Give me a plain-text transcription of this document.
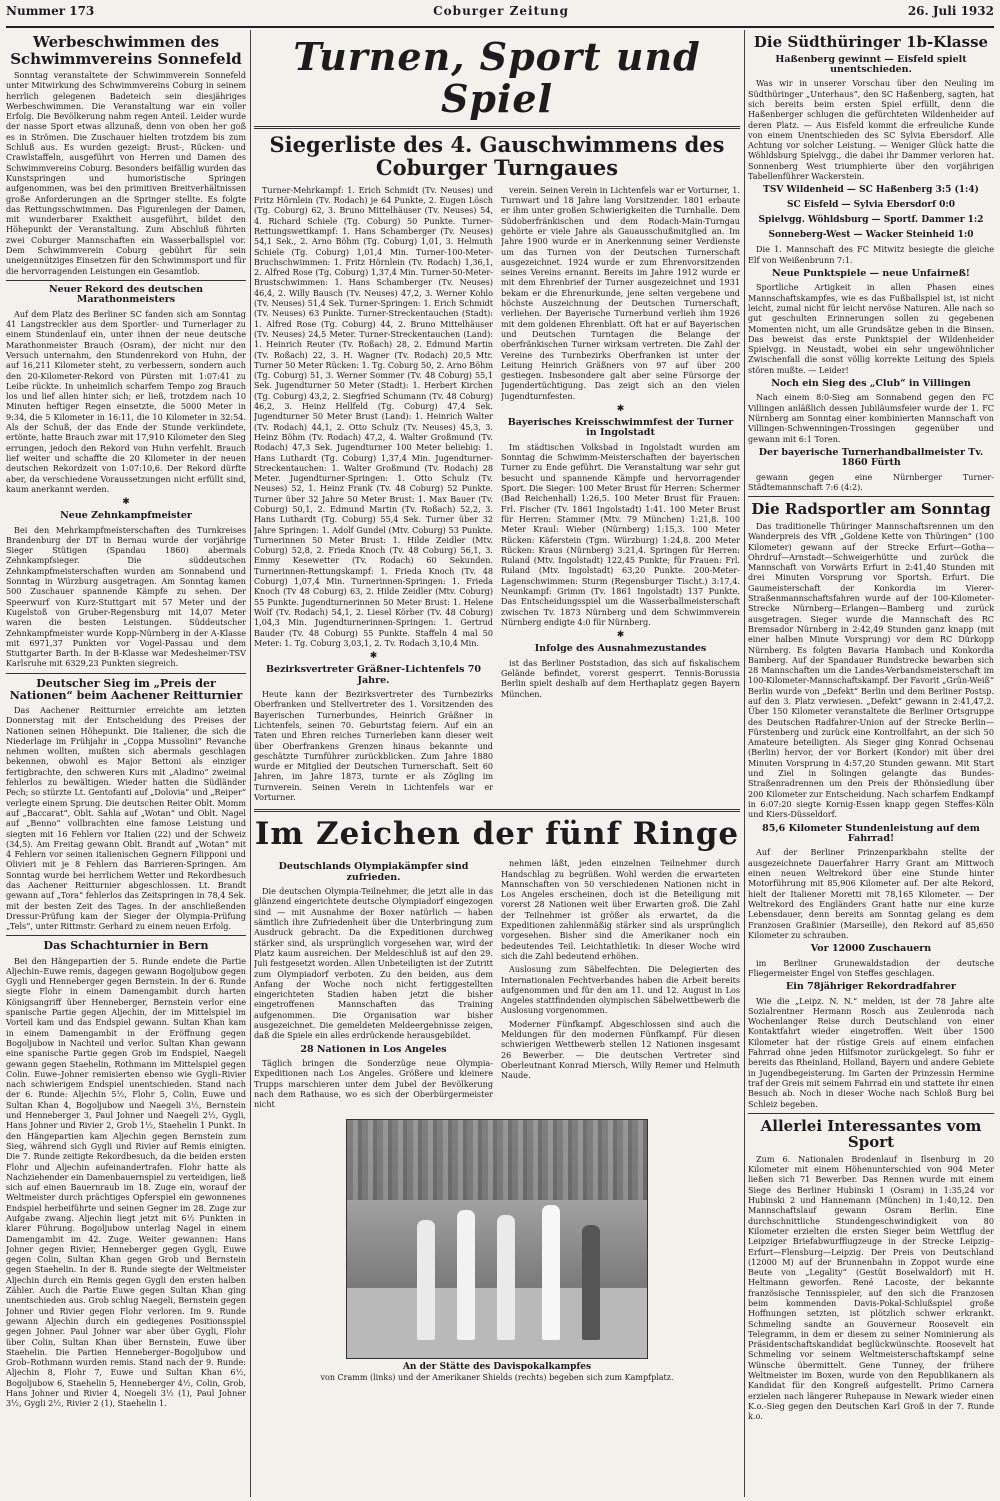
Nummer 173	Coburger Zeitung	26. Juli 1932
Werbeschwimmen des Schwimmvereins Sonnefeld

Sonntag veranstaltete der Schwimmverein Sonnefeld unter Mitwirkung des Schwimmvereins Coburg in seinem herrlich gelegenen Badeteich sein diesjähriges Werbeschwimmen. Die Veranstaltung war ein voller Erfolg. Die Bevölkerung nahm regen Anteil. Leider wurde der nasse Sport etwas allzunaß, denn von oben her goß es in Strömen. Die Zuschauer hielten trotzdem bis zum Schluß aus. Es wurden gezeigt: Brust-, Rücken- und Crawlstaffeln, ausgeführt von Herren und Damen des Schwimmvereins Coburg. Besonders beifällig wurden das Kunstspringen und humoristische Springen aufgenommen, was bei den primitiven Breitverhältnissen große Anforderungen an die Springer stellte. Es folgte das Rettungsschwimmen. Das Figurenlegen der Damen, mit wunderbarer Exaktheit ausgeführt, bildet den Höhepunkt der Veranstaltung. Zum Abschluß führten zwei Coburger Mannschaften ein Wasserballspiel vor. Dem Schwimmverein Coburg gebührt für sein uneigennütziges Einsetzen für den Schwimmsport und für die hervorragenden Leistungen ein Gesamtlob.

Neuer Rekord des deutschen Marathonmeisters

Auf dem Platz des Berliner SC fanden sich am Sonntag 41 Langstreckler aus dem Sportler- und Turnerlager zu einem Stundenlauf ein, unter ihnen der neue deutsche Marathonmeister Brauch (Osram), der nicht nur den Versuch unternahm, den Stundenrekord von Huhn, der auf 16,211 Kilometer steht, zu verbessern, sondern auch den 20-Kilometer-Rekord von Pürsten mit 1:07:41 zu Leibe rückte. In unheimlich scharfem Tempo zog Brauch los und lief allen hinter sich; er ließ, trotzdem nach 10 Minuten heftiger Regen einsetzte, die 5000 Meter in 9:34, die 5 Kilometer in 16:11, die 10 Kilometer in 32:54. Als der Schuß, der das Ende der Stunde verkündete, ertönte, hatte Brauch zwar mit 17,910 Kilometer den Sieg errungen, jedoch den Rekord von Huhn verfehlt. Brauch lief weiter und schaffte die 20 Kilometer in der neuen deutschen Rekordzeit von 1:07:10,6. Der Rekord dürfte aber, da verschiedene Voraussetzungen nicht erfüllt sind, kaum anerkannt werden.

✱
Neue Zehnkampfmeister

Bei den Mehrkampfmeisterschaften des Turnkreises Brandenburg der DT in Bernau wurde der vorjährige Sieger Stütigen (Spandau 1860) abermals Zehnkampfsieger. Die süddeutschen Zehnkampfmeisterschaften wurden am Sonnabend und Sonntag in Würzburg ausgetragen. Am Sonntag kamen 500 Zuschauer spannende Kämpfe zu sehen. Der Speerwurf von Kurz-Stuttgart mit 57 Meter und der Kugelstoß von Gruber-Regensburg mit 14,07 Meter waren die besten Leistungen. Süddeutscher Zehnkampfmeister wurde Kopp-Nürnberg in der A-Klasse mit 6971,37 Punkten vor Vogel-Passau und dem Stuttgarter Barth. In der B-Klasse war Medesheimer-TSV Karlsruhe mit 6329,23 Punkten siegreich.

Deutscher Sieg im „Preis der Nationen“ beim Aachener Reitturnier

Das Aachener Reitturnier erreichte am letzten Donnerstag mit der Entscheidung des Preises der Nationen seinen Höhepunkt. Die Italiener, die sich die Niederlage im Frühjahr in „Coppa Mussolini“ Revanche nehmen wollten, mußten sich abermals geschlagen bekennen, obwohl es Major Bettoni als einziger fertigbrachte, den schweren Kurs mit „Aladino“ zweimal fehlerlos zu bewältigen. Wieder hatten die Südländer Pech; so stürzte Lt. Gentofanti auf „Dolovia“ und „Reiper“ verlegte einem Sprung. Die deutschen Reiter Oblt. Momm auf „Baccarat“, Oblt. Sahla auf „Wotan“ und Oblt. Nagel auf „Benno“ vollbrachten eine famose Leistung und siegten mit 16 Fehlern vor Italien (22) und der Schweiz (34,5). Am Freitag gewann Oblt. Brandt auf „Wotan“ mit 4 Fehlern vor seinen italienischen Gegnern Filipponi und Olivieri mit je 8 Fehlern das Barrieren-Springen. Am Sonntag wurde bei herrlichem Wetter und Rekordbesuch das Aachener Reitturnier abgeschlossen. Lt. Brandt gewann auf „Tora“ fehlerlos das Zeitspringen in 78,4 Sek. mit der besten Zeit des Tages. In der anschließenden Dressur-Prüfung kam der Sieger der Olympia-Prüfung „Tels“, unter Rittmstr. Gerhard zu einem neuen Erfolg.

Das Schachturnier in Bern

Bei den Hängepartien der 5. Runde endete die Partie Aljechin–Euwe remis, dagegen gewann Bogoljubow gegen Gygli und Henneberger gegen Bernstein. In der 6. Runde siegte Flohr in einem Damengambit durch harten Königsangriff über Henneberger, Bernstein verlor eine spanische Partie gegen Aljechin, der im Mittelspiel im Vorteil kam und das Endspiel gewann. Sultan Khan kam in einem Damengambit in der Eröffnung gegen Bogoljubow in Nachteil und verlor. Sultan Khan gewann eine spanische Partie gegen Grob im Endspiel, Naegeli gewann gegen Staehelin, Rothmann im Mittelspiel gegen Colin. Euwe–Johner remisierten ebenso wie Gygli–Rivier nach schwierigem Endspiel unentschieden. Stand nach der 6. Runde: Aljechin 5½, Flohr 5, Colin, Euwe und Sultan Khan 4, Bogoljubow und Naegeli 3½, Bernstein und Henneberger 3, Paul Johner und Naegeli 2½, Gygli, Hans Johner und Rivier 2, Grob 1½, Staehelin 1 Punkt. In den Hängepartien kam Aljechin gegen Bernstein zum Sieg, während sich Gygli und Rivier auf Remis einigten. Die 7. Runde zeitigte Rekordbesuch, da die beiden ersten Flohr und Aljechin aufeinandertrafen. Flohr hatte als Nachziehender ein Damenbauernspiel zu verteidigen, ließ sich auf einen Bauernraub im 18. Zuge ein, worauf der Weltmeister durch prächtiges Opferspiel ein gewonnenes Endspiel herbeiführte und seinen Gegner im 28. Zuge zur Aufgabe zwang. Aljechin liegt jetzt mit 6½ Punkten in klarer Führung. Bogoljubow unterlag Nagel in einem Damengambit im 42. Zuge. Weiter gewannen: Hans Johner gegen Rivier, Henneberger gegen Gygli, Euwe gegen Colin, Sultan Khan gegen Grob und Bernstein gegen Staehelin. In der 8. Runde siegte der Weltmeister Aljechin durch ein Remis gegen Gygli den ersten halben Zähler. Auch die Partie Euwe gegen Sultan Khan ging unentschieden aus. Grob schlug Naegeli, Bernstein gegen Johner und Rivier gegen Flohr verloren. Im 9. Runde gewann Aljechin durch ein gediegenes Positionsspiel gegen Johner. Paul Johner war aber über Gygli, Flohr über Colin, Sultan Khan über Bernstein, Euwe über Staehelin. Die Partien Henneberger–Bogoljubow und Grob–Rothmann wurden remis. Stand nach der 9. Runde: Aljechin 8, Flohr 7, Euwe und Sultan Khan 6½, Bogoljubow 6, Staehelin 5, Henneberger 4½, Colin, Grob, Hans Johner und Rivier 4, Noegeli 3½ (1), Paul Johner 3½, Gygli 2½, Rivier 2 (1), Staehelin 1.

Turnen, Sport und Spiel
Siegerliste des 4. Gauschwimmens des Coburger Turngaues

Turner-Mehrkampf: 1. Erich Schmidt (Tv. Neuses) und Fritz Hörnlein (Tv. Rodach) je 64 Punkte, 2. Eugen Lösch (Tg. Coburg) 62, 3. Bruno Mittelhäuser (Tv. Neuses) 54, 4. Richard Schiele (Tg. Coburg) 50 Punkte. Turner-Rettungswettkampf: 1. Hans Schamberger (Tv. Neuses) 54,1 Sek., 2. Arno Böhm (Tg. Coburg) 1,01, 3. Helmuth Schiele (Tg. Coburg) 1,01,4 Min. Turner-100-Meter-Bruchschwimmen: 1. Fritz Hörnlein (Tv. Rodach) 1,36,1, 2. Alfred Rose (Tg. Coburg) 1,37,4 Min. Turner-50-Meter-Brustschwimmen: 1. Hans Schamberger (Tv. Neuses) 46,4, 2. Willy Bausch (Tv. Neuses) 47,2, 3. Werner Kohlo (Tv. Neuses) 51,4 Sek. Turner-Springen: 1. Erich Schmidt (Tv. Neuses) 63 Punkte. Turner-Streckentauchen (Stadt): 1. Alfred Rose (Tg. Coburg) 44, 2. Bruno Mittelhäuser (Tv. Neuses) 24,5 Meter. Turner-Streckentauchen (Land): 1. Heinrich Reuter (Tv. Roßach) 28, 2. Edmund Martin (Tv. Roßach) 22, 3. H. Wagner (Tv. Rodach) 20,5 Mtr. Turner 50 Meter Rücken: 1. Tg. Coburg 50, 2. Arno Böhm (Tg. Coburg) 51, 3. Werner Sommer (Tv. 48 Coburg) 55,1 Sek. Jugendturner 50 Meter (Stadt): 1. Herbert Kirchen (Tg. Coburg) 43,2, 2. Siegfried Schumann (Tv. 48 Coburg) 46,2, 3. Heinz Hellfeld (Tg. Coburg) 47,4 Sek. Jugendturner 50 Meter Brust (Land): 1. Heinrich Walter (Tv. Rodach) 44,1, 2. Otto Schulz (Tv. Neuses) 45,3, 3. Heinz Böhm (Tv. Rodach) 47,2, 4. Walter Großmund (Tv. Rodach) 47,3 Sek. Jugendturner 100 Meter beliebig: 1. Hans Luthardt (Tg. Coburg) 1,37,4 Min. Jugendturner-Streckentauchen: 1. Walter Großmund (Tv. Rodach) 28 Meter. Jugendturner-Springen: 1. Otto Schulz (Tv. Neuses) 52, 1. Heinz Frank (Tv. 48 Coburg) 52 Punkte. Turner über 32 Jahre 50 Meter Brust: 1. Max Bauer (Tv. Coburg) 50,1, 2. Edmund Martin (Tv. Roßach) 52,2, 3. Hans Luthardt (Tg. Coburg) 55,4 Sek. Turner über 32 Jahre Springen: 1. Adolf Gundel (Mtv. Coburg) 53 Punkte. Turnerinnen 50 Meter Brust: 1. Hilde Zeidler (Mtv. Coburg) 52,8, 2. Frieda Knoch (Tv. 48 Coburg) 56,1, 3. Emmy Kesewetter (Tv. Rodach) 60 Sekunden. Turnerinnen-Rettungskampf: 1. Frieda Knoch (Tv. 48 Coburg) 1,07,4 Min. Turnerinnen-Springen: 1. Frieda Knoch (Tv 48 Coburg) 63, 2. Hilde Zeidler (Mtv. Coburg) 55 Punkte. Jugendturnerinnen 50 Meter Brust: 1. Helene Wolf (Tv. Rodach) 54,1, 2. Liesel Körber (Tv. 48 Coburg) 1,04,3 Min. Jugendturnerinnen-Springen: 1. Gertrud Bauder (Tv. 48 Coburg) 55 Punkte. Staffeln 4 mal 50 Meter: 1. Tg. Coburg 3,03,1, 2. Tv. Rodach 3,10,4 Min.

✱
Bezirksvertreter Gräßner-Lichtenfels 70 Jahre.

Heute kann der Bezirksvertreter des Turnbezirks Oberfranken und Stellvertreter des 1. Vorsitzenden des Bayerischen Turnerbundes, Heinrich Gräßner in Lichtenfels, seinen 70. Geburtstag feiern. Auf ein an Taten und Ehren reiches Turnerleben kann dieser weit über Oberfrankens Grenzen hinaus bekannte und geschätzte Turnführer zurückblicken. Zum Jahre 1880 wurde er Mitglied der Deutschen Turnerschaft. Seit 60 Jahren, im Jahre 1873, turnte er als Zögling im Turnverein. Seinen Verein in Lichtenfels war er Vorturner.

verein. Seinen Verein in Lichtenfels war er Vorturner, 1. Turnwart und 18 Jahre lang Vorsitzender. 1801 erbaute er ihm unter großen Schwierigkeiten die Turnhalle. Dem Südoberfränkischen und dem Rodach-Main-Turngau gehörte er viele Jahre als Gauausschußmitglied an. Im Jahre 1900 wurde er in Anerkennung seiner Verdienste um das Turnen von der Deutschen Turnerschaft ausgezeichnet. 1924 wurde er zum Ehrenvorsitzenden seines Vereins ernannt. Bereits im Jahre 1912 wurde er mit dem Ehrenbrief der Turner ausgezeichnet und 1931 bekam er die Ehrenurkunde, jene selten vergebene und höchste Auszeichnung der Deutschen Turnerschaft, verliehen. Der Bayerische Turnerbund verlieh ihm 1926 mit dem goldenen Ehrenblatt. Oft hat er auf Bayerischen und Deutschen Turntagen die Belange der oberfränkischen Turner wirksam vertreten. Die Zahl der Vereine des Turnbezirks Oberfranken ist unter der Leitung Heinrich Gräßners von 97 auf über 200 gestiegen. Insbesondere galt aber seine Fürsorge der Jugendertüchtigung. Das zeigt sich an den vielen Jugendturnfesten.

✱
Bayerisches Kreisschwimmfest der Turner in Ingolstadt

Im städtischen Volksbad in Ingolstadt wurden am Sonntag die Schwimm-Meisterschaften der bayerischen Turner zu Ende geführt. Die Veranstaltung war sehr gut besucht und spannende Kämpfe und hervorragender Sport. Die Sieger: 100 Meter Brust für Herren: Schermer (Bad Reichenhall) 1:26,5. 100 Meter Brust für Frauen: Frl. Fischer (Tv. 1861 Ingolstadt) 1:41. 100 Meter Brust für Herren: Stammer (Mtv. 79 München) 1:21,8. 100 Meter Kraul: Wieber (Nürnberg) 1:15,3. 100 Meter Rücken: Käferstein (Tgm. Würzburg) 1:24,8. 200 Meter Rücken: Kraus (Nürnberg) 3:21,4. Springen für Herren: Ruland (Mtv. Ingolstadt) 122,45 Punkte; für Frauen: Frl. Ruland (Mtv. Ingolstadt) 63,20 Punkte. 200-Meter-Lagenschwimmen: Sturm (Regensburger Tischt.) 3:17,4. Neunkampf: Grimm (Tv. 1861 Ingolstadt) 137 Punkte. Das Entscheidungsspiel um die Wasserballmeisterschaft zwischen Tv. 1873 Nürnberg und dem Schwimmverein Nürnberg endigte 4:0 für Nürnberg.

✱
Infolge des Ausnahmezustandes

ist das Berliner Poststadion, das sich auf fiskalischem Gelände befindet, vorerst gesperrt. Tennis-Borussia Berlin spielt deshalb auf dem Herthaplatz gegen Bayern München.

Im Zeichen der fünf Ringe
Deutschlands Olympiakämpfer sind zufrieden.

Die deutschen Olympia-Teilnehmer, die jetzt alle in das glänzend eingerichtete deutsche Olympiadorf eingezogen sind — mit Ausnahme der Boxer natürlich — haben sämtlich ihre Zufriedenheit über die Unterbringung zum Ausdruck gebracht. Da die Expeditionen durchweg stärker sind, als ursprünglich vorgesehen war, wird der Platz kaum ausreichen. Der Meldeschluß ist auf den 29. Juli festgesetzt worden. Allen Unbeteiligten ist der Zutritt zum Olympiadorf verboten. Zu den beiden, aus dem Anfang der Woche noch nicht fertiggestellten eingerichteten Stadien haben jetzt die bisher eingetroffenen Mannschaften das Training aufgenommen. Die Organisation war bisher ausgezeichnet. Die gemeldeten Meldeergebnisse zeigen, daß die Spiele ein alles erdrückende herausgebildet.

28 Nationen in Los Angeles

Täglich bringen die Sonderzüge neue Olympia-Expeditionen nach Los Angeles. Größere und kleinere Trupps marschieren unter dem Jubel der Bevölkerung nach dem Rathause, wo es sich der Oberbürgermeister nicht

nehmen läßt, jeden einzelnen Teilnehmer durch Handschlag zu begrüßen. Wohl werden die erwarteten Mannschaften von 50 verschiedenen Nationen nicht in Los Angeles erscheinen, doch ist die Beteiligung mit vorerst 28 Nationen weit über Erwarten groß. Die Zahl der Teilnehmer ist größer als erwartet, da die Expeditionen zahlenmäßig stärker sind als ursprünglich vorgesehen. Bisher sind die Amerikaner noch ein bedeutendes Teil. Leichtathletik: In dieser Woche wird sich die Zahl bedeutend erhöhen.

Auslosung zum Säbelfechten. Die Delegierten des Internationalen Fechtverbandes haben die Arbeit bereits aufgenommen und für den am 11. und 12. August in Los Angeles stattfindenden olympischen Säbelwettbewerb die Auslosung vorgenommen.

Moderner Fünfkampf. Abgeschlossen sind auch die Meldungen für den modernen Fünfkampf. Für diesen schwierigen Wettbewerb stellen 12 Nationen insgesamt 26 Bewerber. — Die deutschen Vertreter sind Oberleutnant Konrad Miersch, Willy Remer und Helmuth Naude.

An der Stätte des Davispokalkampfes

von Cramm (links) und der Amerikaner Shields (rechts) begeben sich zum Kampfplatz.

Die Südthüringer 1b-Klasse
Haßenberg gewinnt — Eisfeld spielt unentschieden.

Was wir in unserer Vorschau über den Neuling im Südthüringer „Unterhaus“, den SC Haßenberg, sagten, hat sich bereits beim ersten Spiel erfüllt, denn die Haßenberger schlugen die gefürchteten Wildenheider auf deren Platz. — Aus Eisfeld kommt die erfreuliche Kunde von einem Unentschieden des SC Sylvia Ebersdorf. Alle Achtung vor solcher Leistung. — Weniger Glück hatte die Wöhldsburg Spielvgg., die dabei ihr Dammer verloren hat. Sonnenberg West triumphierte über den vorjährigen Tabellenführer Wackerstein.

TSV Wildenheid — SC Haßenberg 3:5 (1:4)
SC Eisfeld — Sylvia Ebersdorf 0:0
Spielvgg. Wöhldsburg — Sportf. Dammer 1:2
Sonneberg-West — Wacker Steinheid 1:0

Die 1. Mannschaft des FC Mitwitz besiegte die gleiche Elf von Weißenbrunn 7:1.

Neue Punktspiele — neue Unfairneß!

Sportliche Artigkeit in allen Phasen eines Mannschaftskampfes, wie es das Fußballspiel ist, ist nicht leicht, zumal nicht für leicht nervöse Naturen. Alle nach so gut geschulten Erinnerungen sollen zu gegebenen Momenten nicht, um alle Grundsätze geben in die Binsen. Das beweist das erste Punktspiel der Wildenheider Spielvgg. in Neustadt, wobei ein sehr ungewöhnlicher Zwischenfall die sonst völlig korrekte Leitung des Spiels stören mußte. — Leider!

Noch ein Sieg des „Club“ in Villingen

Nach einem 8:0-Sieg am Sonnabend gegen den FC Villingen anläßlich dessen Jubiläumsfeier wurde der 1. FC Nürnberg am Sonntag einer kombinierten Mannschaft von Villingen-Schwenningen-Trossingen gegenüber und gewann mit 6:1 Toren.

Der bayerische Turnerhandballmeister Tv. 1860 Fürth

gewann gegen eine Nürnberger Turner-Städtemannschaft 7:6 (4:2).

Die Radsportler am Sonntag

Das traditionelle Thüringer Mannschaftsrennen um den Wanderpreis des VfR „Goldene Kette von Thüringen“ (100 Kilometer) gewann auf der Strecke Erfurt—Gotha—Ohrdruf—Arnstadt—Schweigerhütte und zurück die Mannschaft von Vorwärts Erfurt in 2:41,40 Stunden mit drei Minuten Vorsprung vor Sportsh. Erfurt. Die Gaumeisterschaft der Konkordia im Vierer-Straßenmannschaftsfahren wurde auf der 100-Kilometer-Strecke Nürnberg—Erlangen—Bamberg und zurück ausgetragen. Sieger wurde die Mannschaft des RC Bremsador Nürnberg in 2:42,49 Stunden ganz knapp (mit einer halben Minute Vorsprung) vor dem RC Dürkopp Nürnberg. Es folgten Bavaria Hambach und Konkordia Bamberg. Auf der Spandauer Rundstrecke bewarben sich 28 Mannschaften um die Landes-Verbandsmeisterschaft im 100-Kilometer-Mannschaftskampf. Der Favorit „Grün-Weiß“ Berlin wurde von „Defekt“ Berlin und dem Berliner Postsp. auf den 3. Platz verwiesen. „Defekt“ gewann in 2:41,47,2. Über 150 Kilometer veranstaltete die Berliner Ortsgruppe des Deutschen Radfahrer-Union auf der Strecke Berlin—Fürstenberg und zurück eine Kontrollfahrt, an der sich 50 Amateure beteiligten. Als Sieger ging Konrad Ochsenau (Berlin) hervor, der vor Borkert (Kondor) mit über drei Minuten Vorsprung in 4:57,20 Stunden gewann. Mit Start und Ziel in Solingen gelangte das Bundes-Straßenradrennen um den Preis der Rhönsiedlung über 200 Kilometer zur Entscheidung. Nach scharfem Endkampf in 6:07:20 siegte Kornig-Essen knapp gegen Steffes-Köln und Kiers-Düsseldorf.

85,6 Kilometer Stundenleistung auf dem Fahrrad!

Auf der Berliner Prinzenparkbahn stellte der ausgezeichnete Dauerfahrer Harry Grant am Mittwoch einen neuen Weltrekord über eine Stunde hinter Motorführung mit 85,906 Kilometer auf. Der alte Rekord, hielt der Italiener Moretti mit 78,165 Kilometer. — Der Weltrekord des Engländers Grant hatte nur eine kurze Lebensdauer, denn bereits am Sonntag gelang es dem Franzosen Graßinier (Marseille), den Rekord auf 85,650 Kilometer zu schrauben.

Vor 12000 Zuschauern

im Berliner Grunewaldstadion der deutsche Fliegermeister Engel von Steffes geschlagen.

Ein 78jähriger Rekordradfahrer

Wie die „Leipz. N. N.“ melden, ist der 78 Jahre alte Sozialrentner Hermann Rosch aus Zeulenroda nach Wochenlanger Reise durch Deutschland von einer Kontaktfahrt wieder eingetroffen. Weit über 1500 Kilometer hat der rüstige Greis auf einem einfachen Fahrrad ohne jeden Hilfsmotor zurückgelegt. So fuhr er bereits das Rheinland, Holland, Bayern und andere Gebiete in Jugendbegeisterung. Im Garten der Prinzessin Hermine traf der Greis mit seinem Fahrrad ein und stattete ihr einen Besuch ab. Noch in dieser Woche nach Schloß Burg bei Schleiz begeben.

Allerlei Interessantes vom Sport

Zum 6. Nationalen Brodenlauf in Ilsenburg in 20 Kilometer mit einem Höhenunterschied von 904 Meter ließen sich 71 Bewerber. Das Rennen wurde mit einem Siege des Berliner Hubinski 1 (Osram) in 1:35,24 vor Hubinski 2 und Hannemann (München) in 1:40,12. Den Mannschaftslauf gewann Osram Berlin. Eine durchschnittliche Stundengeschwindigkeit von 80 Kilometer erzielten die ersten Sieger beim Wettflug der Leipziger Briefabwurfflugzeuge in der Strecke Leipzig–Erfurt—Flensburg—Leipzig. Der Preis von Deutschland (12000 M) auf der Brunnenbahn in Zoppot wurde eine Beute von „Legality“ (Gestüt Boselwaldorf) mit H. Heltmann geworfen. René Lacoste, der bekannte französische Tennisspieler, auf den sich die Franzosen beim kommenden Davis-Pokal-Schlußspiel große Hoffnungen setzten, ist plötzlich schwer erkrankt. Schmeling sandte an Gouverneur Roosevelt ein Telegramm, in dem er diesem zu seiner Nominierung als Präsidentschaftskandidat beglückwünschte. Roosevelt hat Schmeling vor seinem Weltmeisterschaftskampf seine Wünsche übermittelt. Gene Tunney, der frühere Weltmeister im Boxen, wurde von den Republikanern als Kandidat für den Kongreß aufgestellt. Primo Carnera erzielen nach längerer Ruhepause in Newark wieder einen K.o.-Sieg gegen den Deutschen Karl Groß in der 7. Runde k.o.
